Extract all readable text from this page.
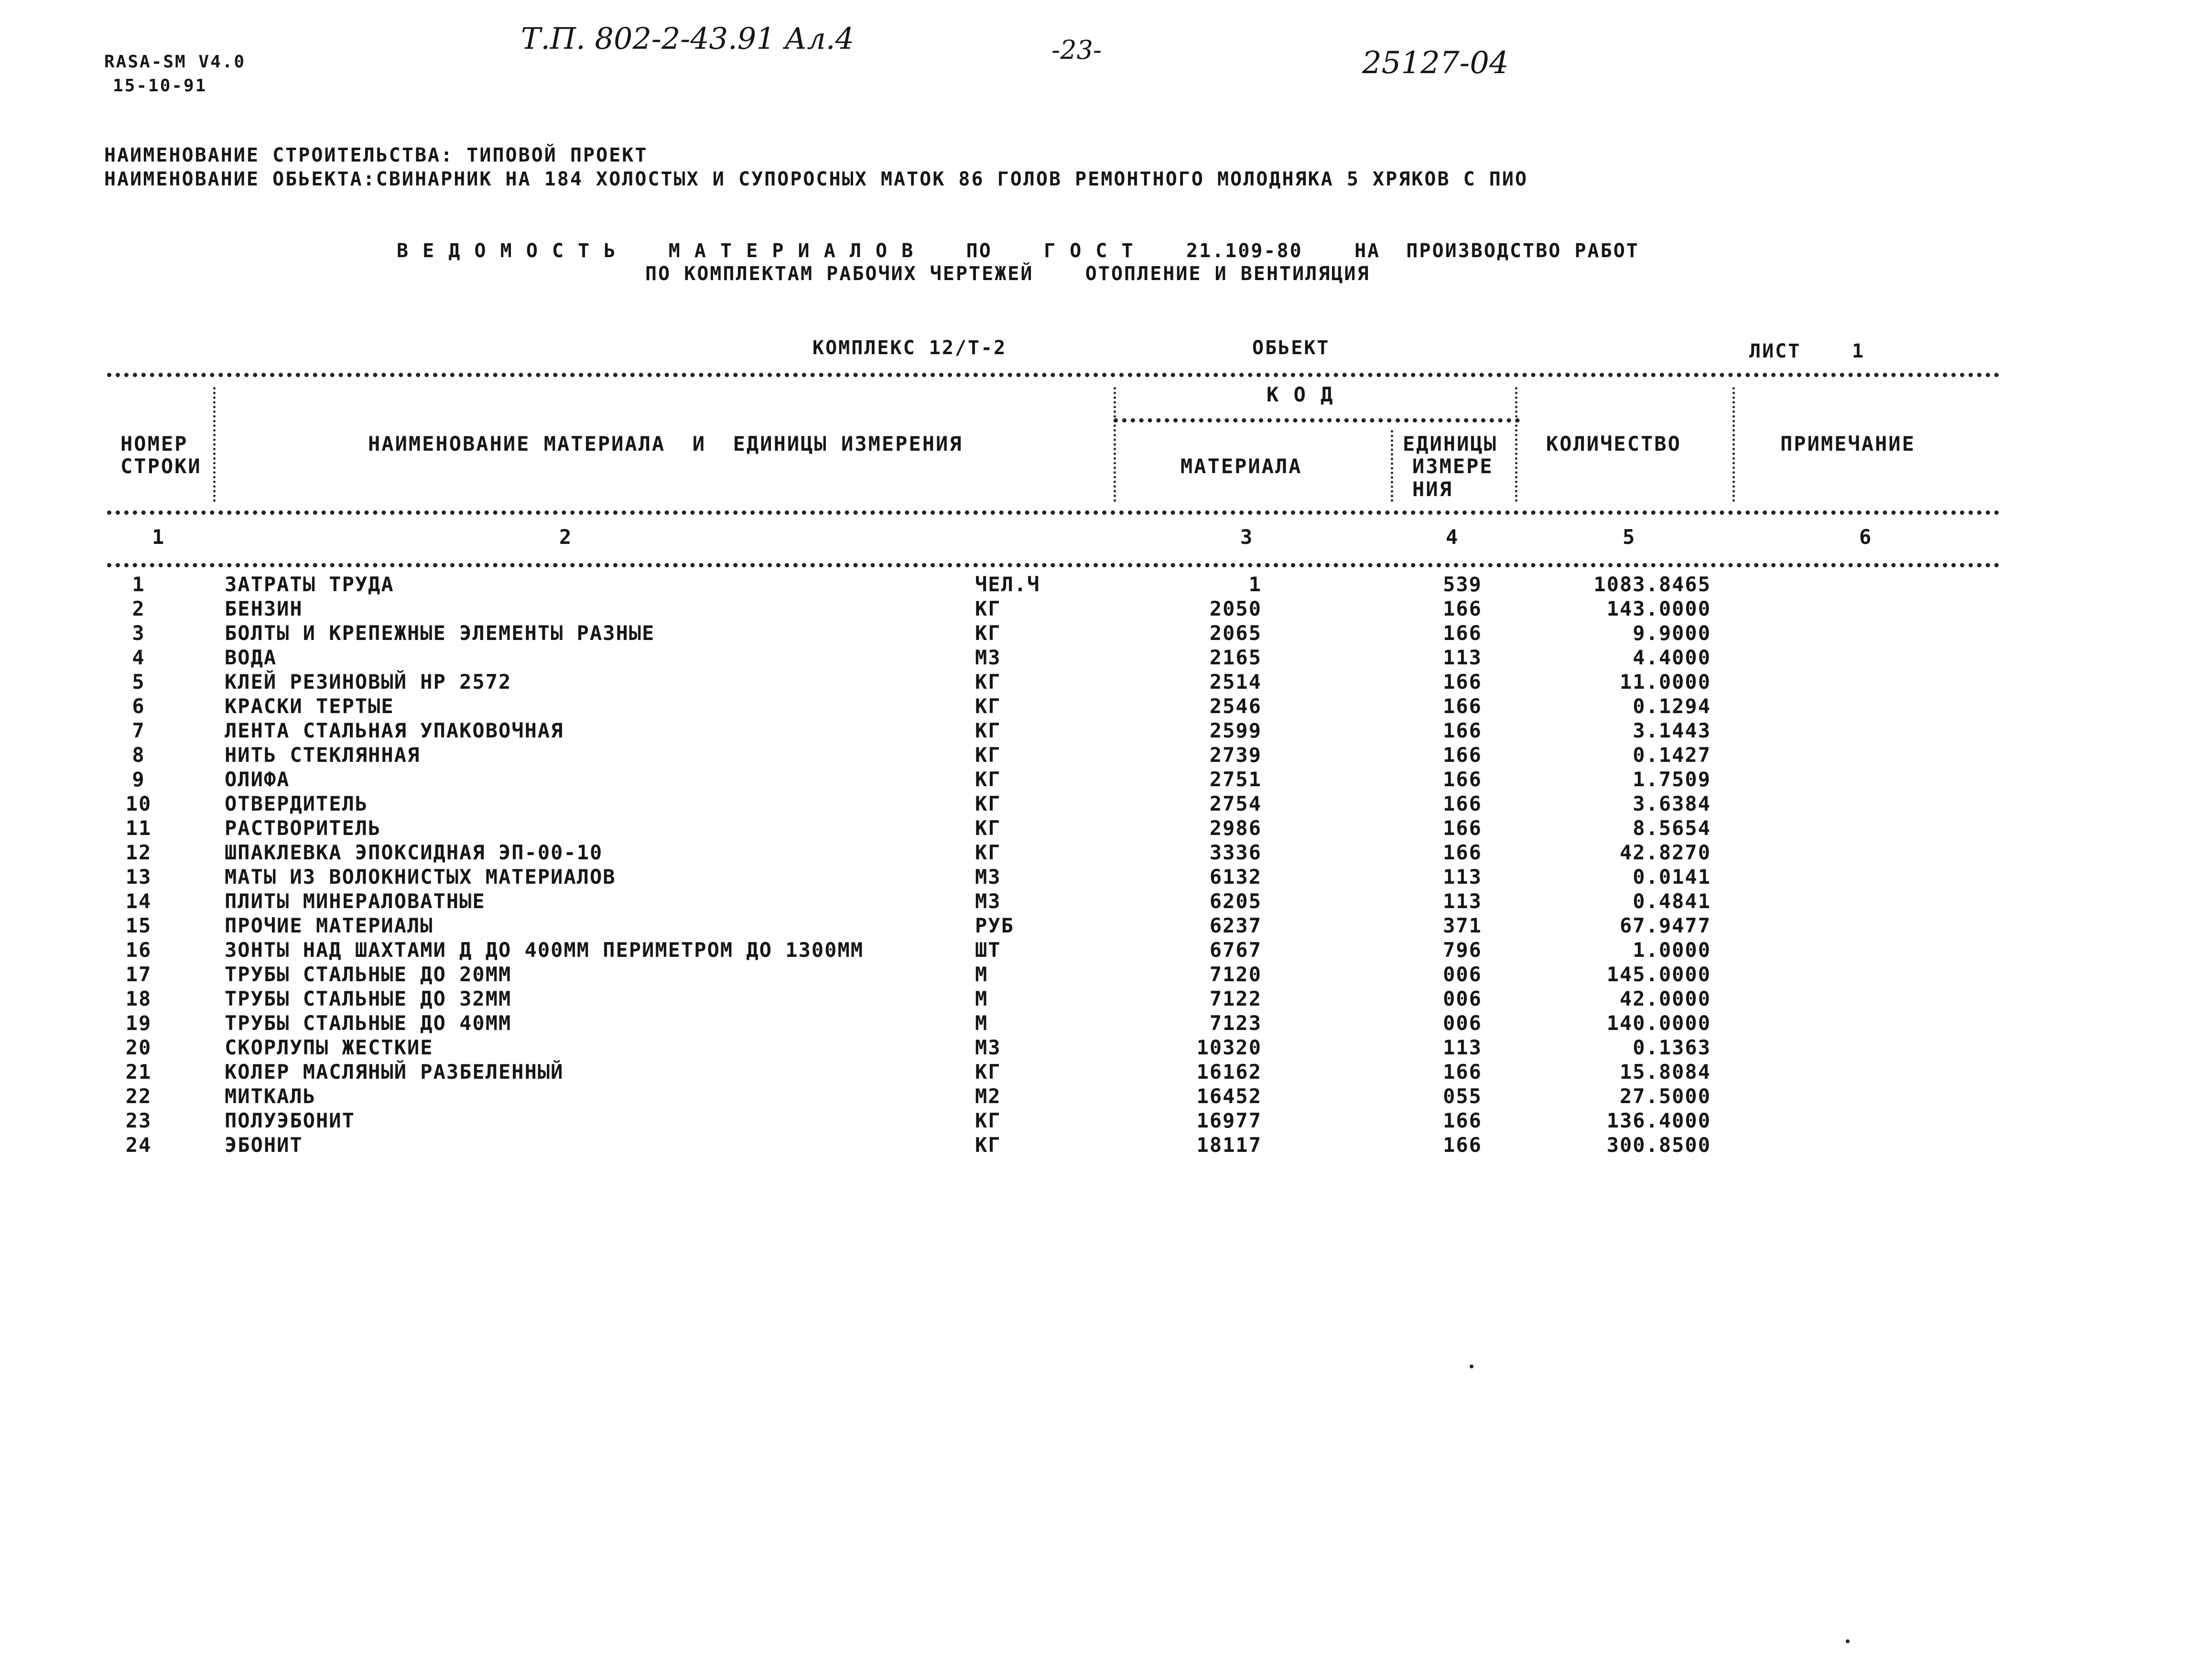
RASA-SM V4.0
15-10-91
Т.П. 802-2-43.91 Ал.4	-23-	25127-04
НАИМЕНОВАНИЕ СТРОИТЕЛЬСТВА: ТИПОВОЙ ПРОЕКТ
НАИМЕНОВАНИЕ ОБЬЕКТА:СВИНАРНИК НА 184 ХОЛОСТЫХ И СУПОРОСНЫХ МАТОК 86 ГОЛОВ РЕМОНТНОГО МОЛОДНЯКА 5 ХРЯКОВ С ПИО
В Е Д О М О С Т Ь    М А Т Е Р И А Л О В    ПО    Г О С Т    21.109-80    НА  ПРОИЗВОДСТВО РАБОТ
ПО КОМПЛЕКТАМ РАБОЧИХ ЧЕРТЕЖЕЙ    ОТОПЛЕНИЕ И ВЕНТИЛЯЦИЯ
КОМПЛЕКС 12/Т-2	ОБЬЕКТ	ЛИСТ	1
НОМЕР
СТРОКИ
НАИМЕНОВАНИЕ МАТЕРИАЛА  И  ЕДИНИЦЫ ИЗМЕРЕНИЯ
К О Д
МАТЕРИАЛА
ЕДИНИЦЫ
ИЗМЕРЕ
НИЯ
КОЛИЧЕСТВО	ПРИМЕЧАНИЕ
1	2	3	4	5	6
1	ЗАТРАТЫ ТРУДА	ЧЕЛ.Ч	1	539	1083.8465
2	БЕНЗИН	КГ	2050	166	143.0000
3	БОЛТЫ И КРЕПЕЖНЫЕ ЭЛЕМЕНТЫ РАЗНЫЕ	КГ	2065	166	9.9000
4	ВОДА	М3	2165	113	4.4000
5	КЛЕЙ РЕЗИНОВЫЙ НР 2572	КГ	2514	166	11.0000
6	КРАСКИ ТЕРТЫЕ	КГ	2546	166	0.1294
7	ЛЕНТА СТАЛЬНАЯ УПАКОВОЧНАЯ	КГ	2599	166	3.1443
8	НИТЬ СТЕКЛЯННАЯ	КГ	2739	166	0.1427
9	ОЛИФА	КГ	2751	166	1.7509
10	ОТВЕРДИТЕЛЬ	КГ	2754	166	3.6384
11	РАСТВОРИТЕЛЬ	КГ	2986	166	8.5654
12	ШПАКЛЕВКА ЭПОКСИДНАЯ ЭП-00-10	КГ	3336	166	42.8270
13	МАТЫ ИЗ ВОЛОКНИСТЫХ МАТЕРИАЛОВ	М3	6132	113	0.0141
14	ПЛИТЫ МИНЕРАЛОВАТНЫЕ	М3	6205	113	0.4841
15	ПРОЧИЕ МАТЕРИАЛЫ	РУБ	6237	371	67.9477
16	ЗОНТЫ НАД ШАХТАМИ Д ДО 400ММ ПЕРИМЕТРОМ ДО 1300ММ	ШТ	6767	796	1.0000
17	ТРУБЫ СТАЛЬНЫЕ ДО 20ММ	М	7120	006	145.0000
18	ТРУБЫ СТАЛЬНЫЕ ДО 32ММ	М	7122	006	42.0000
19	ТРУБЫ СТАЛЬНЫЕ ДО 40ММ	М	7123	006	140.0000
20	СКОРЛУПЫ ЖЕСТКИЕ	М3	10320	113	0.1363
21	КОЛЕР МАСЛЯНЫЙ РАЗБЕЛЕННЫЙ	КГ	16162	166	15.8084
22	МИТКАЛЬ	М2	16452	055	27.5000
23	ПОЛУЭБОНИТ	КГ	16977	166	136.4000
24	ЭБОНИТ	КГ	18117	166	300.8500
